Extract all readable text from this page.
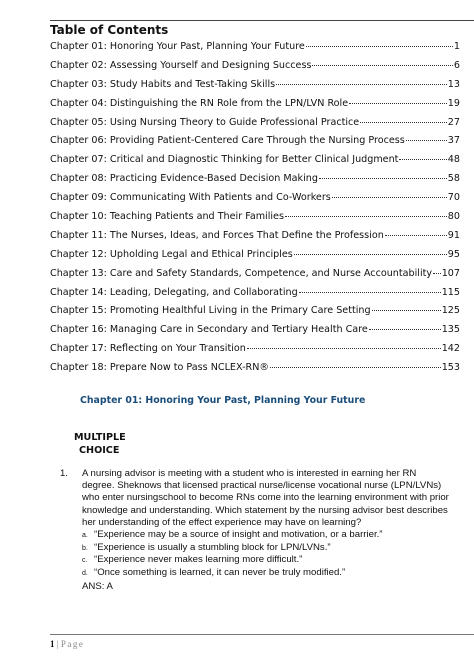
Table of Contents
Chapter 01: Honoring Your Past, Planning Your Future	1
Chapter 02: Assessing Yourself and Designing Success	6
Chapter 03: Study Habits and Test-Taking Skills	13
Chapter 04: Distinguishing the RN Role from the LPN/LVN Role	19
Chapter 05: Using Nursing Theory to Guide Professional Practice	27
Chapter 06: Providing Patient-Centered Care Through the Nursing Process	37
Chapter 07: Critical and Diagnostic Thinking for Better Clinical Judgment	48
Chapter 08: Practicing Evidence-Based Decision Making	58
Chapter 09: Communicating With Patients and Co-Workers	70
Chapter 10: Teaching Patients and Their Families	80
Chapter 11: The Nurses, Ideas, and Forces That Define the Profession	91
Chapter 12: Upholding Legal and Ethical Principles	95
Chapter 13: Care and Safety Standards, Competence, and Nurse Accountability 107
Chapter 14: Leading, Delegating, and Collaborating	115
Chapter 15: Promoting Healthful Living in the Primary Care Setting	125
Chapter 16: Managing Care in Secondary and Tertiary Health Care	135
Chapter 17: Reflecting on Your Transition	142
Chapter 18: Prepare Now to Pass NCLEX-RN®	153
Chapter 01: Honoring Your Past, Planning Your Future
MULTIPLE
CHOICE
1. A nursing advisor is meeting with a student who is interested in earning her RN degree. Sheknows that licensed practical nurse/license vocational nurse (LPN/LVNs) who enter nursingschool to become RNs come into the learning environment with prior knowledge and understanding. Which statement by the nursing advisor best describes her understanding of the effect experience may have on learning?
a. “Experience may be a source of insight and motivation, or a barrier.”
b. “Experience is usually a stumbling block for LPN/LVNs.”
c. “Experience never makes learning more difficult.”
d. “Once something is learned, it can never be truly modified.”
ANS: A
1 | Page
